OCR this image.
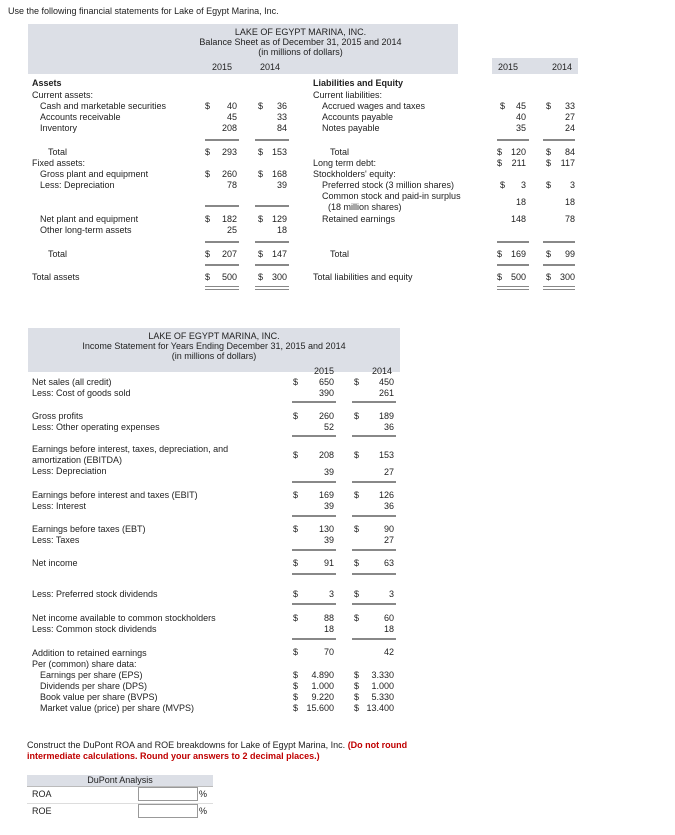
Use the following financial statements for Lake of Egypt Marina, Inc.
LAKE OF EGYPT MARINA, INC.
Balance Sheet as of December 31, 2015 and 2014
(in millions of dollars)
2015	2014	2015	2014
Assets
Current assets:
Cash and marketable securities	$	40 $	36
Accounts receivable	45	33
Inventory	208	84
Total	$	293 $ 153
Fixed assets:
Gross plant and equipment	$	260 $ 168
Less: Depreciation	78	39
Net plant and equipment	$	182 $ 129
Other long-term assets	25	18
Total	$	207 $ 147
Total assets	$	500 $ 300
Liabilities and Equity
Current liabilities:
Accrued wages and taxes	$	45 $	33
Accounts payable	40	27
Notes payable	35	24
Total	$ 120 $	84
Long term debt:	$	211 $	117
Stockholders' equity:
Preferred stock (3 million shares)	$	3 $	3
Common stock and paid-in surplus
(18 million shares)	18	18
Retained earnings	148	78
Total	$ 169 $	99
Total liabilities and equity	$ 500 $ 300
LAKE OF EGYPT MARINA, INC.
Income Statement for Years Ending December 31, 2015 and 2014
(in millions of dollars)
2015	2014
Net sales (all credit)	$	650 $	450
Less: Cost of goods sold	390	261
Gross profits	$	260 $	189
Less: Other operating expenses	52	36
Earnings before interest, taxes, depreciation, and
amortization (EBITDA)	$	208 $	153
Less: Depreciation	39	27
Earnings before interest and taxes (EBIT)	$	169 $	126
Less: Interest	39	36
Earnings before taxes (EBT)	$	130 $	90
Less: Taxes	39	27
Net income	$	91 $	63
Less: Preferred stock dividends	$	3 $	3
Net income available to common stockholders	$	88 $	60
Less: Common stock dividends	18	18
Addition to retained earnings	$	70	42
Per (common) share data:
Earnings per share (EPS)	$	4.890 $	3.330
Dividends per share (DPS)	$	1.000 $	1.000
Book value per share (BVPS)	$	9.220 $	5.330
Market value (price) per share (MVPS)	$ 15.600 $ 13.400
Construct the DuPont ROA and ROE breakdowns for Lake of Egypt Marina, Inc. (Do not round
intermediate calculations. Round your answers to 2 decimal places.)
DuPont Analysis
ROA	%
ROE	%
